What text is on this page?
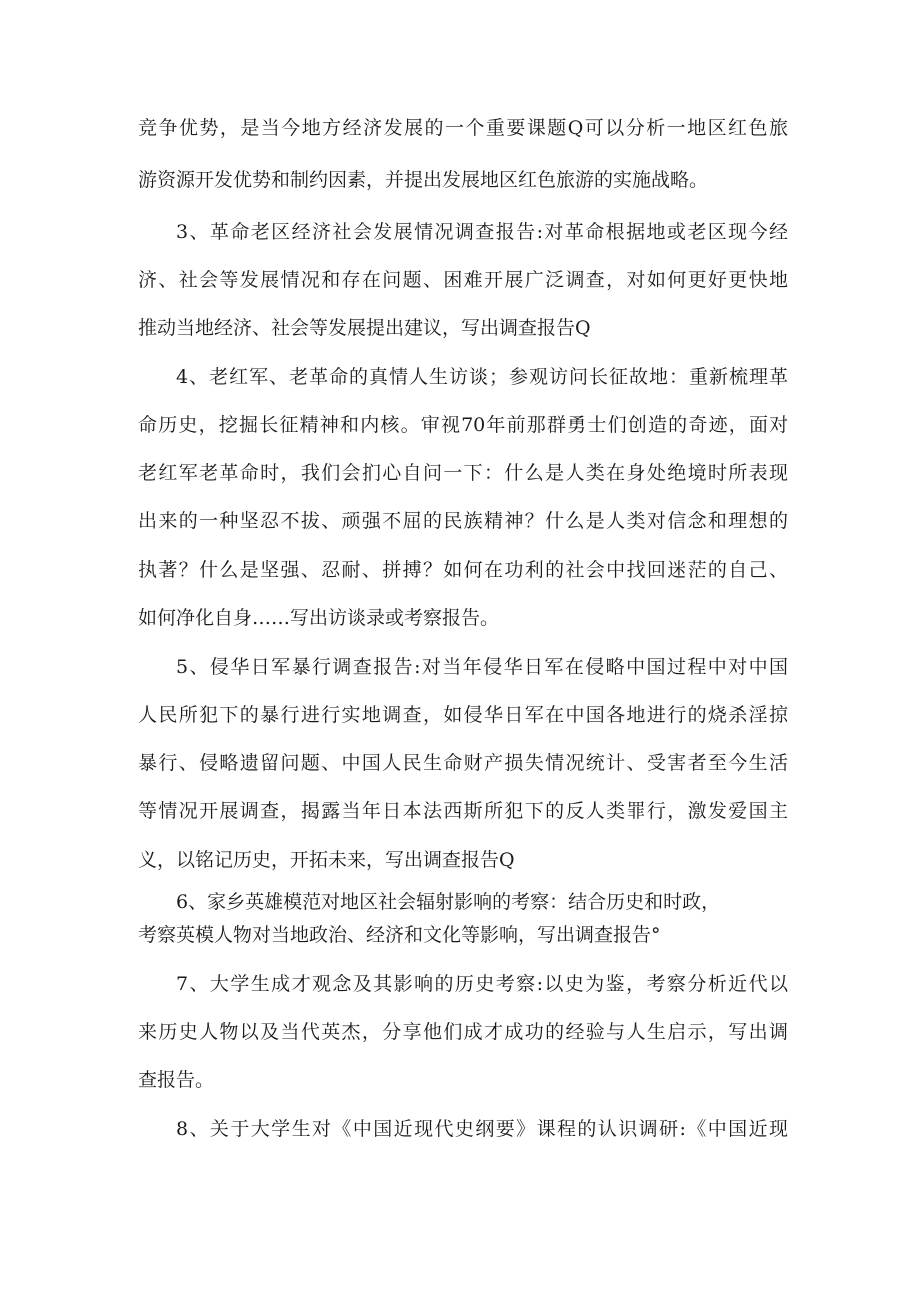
竞争优势，是当今地方经济发展的一个重要课题Q可以分析一地区红色旅
游资源开发优势和制约因素，并提出发展地区红色旅游的实施战略。
3、革命老区经济社会发展情况调查报告:对革命根据地或老区现今经
济、社会等发展情况和存在问题、困难开展广泛调查，对如何更好更快地
推动当地经济、社会等发展提出建议，写出调查报告Q
4、老红军、老革命的真情人生访谈；参观访问长征故地：重新梳理革
命历史，挖掘长征精神和内核。审视70年前那群勇士们创造的奇迹，面对
老红军老革命时，我们会扪心自问一下：什么是人类在身处绝境时所表现
出来的一种坚忍不拔、顽强不屈的民族精神？什么是人类对信念和理想的
执著？什么是坚强、忍耐、拼搏？如何在功利的社会中找回迷茫的自己、
如何净化自身……写出访谈录或考察报告。
5、侵华日军暴行调查报告:对当年侵华日军在侵略中国过程中对中国
人民所犯下的暴行进行实地调查，如侵华日军在中国各地进行的烧杀淫掠
暴行、侵略遗留问题、中国人民生命财产损失情况统计、受害者至今生活
等情况开展调查，揭露当年日本法西斯所犯下的反人类罪行，激发爱国主
义，以铭记历史，开拓未来，写出调查报告Q
6、家乡英雄模范对地区社会辐射影响的考察：结合历史和时政，
考察英模人物对当地政治、经济和文化等影响，写出调查报告°
7、大学生成才观念及其影响的历史考察:以史为鉴，考察分析近代以
来历史人物以及当代英杰，分享他们成才成功的经验与人生启示，写出调
查报告。
8、关于大学生对《中国近现代史纲要》课程的认识调研:《中国近现
